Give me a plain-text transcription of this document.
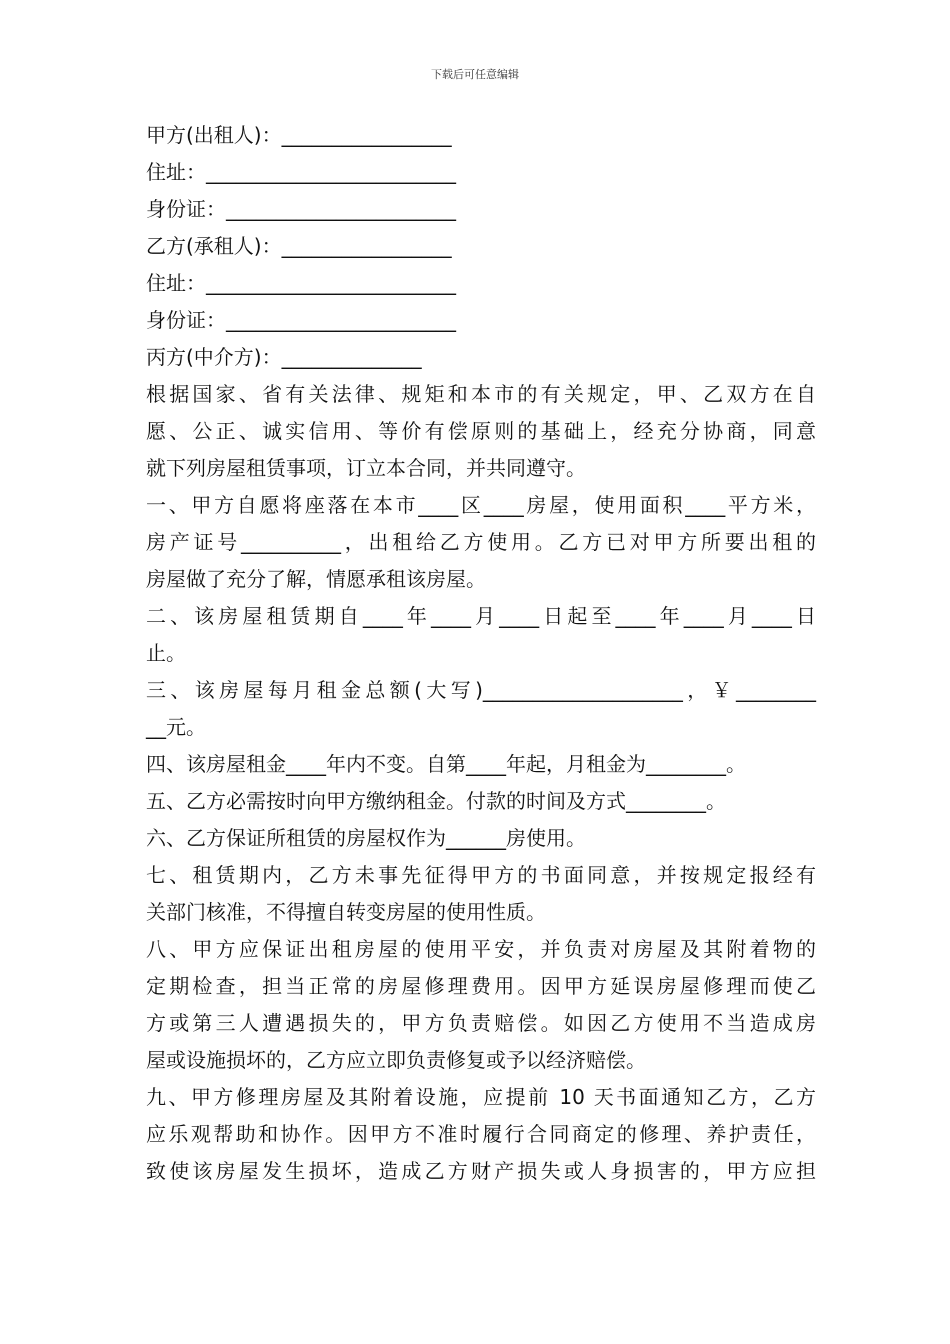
下载后可任意编辑
甲方(出租人)：_________________
住址：_________________________
身份证：_______________________
乙方(承租人)：_________________
住址：_________________________
身份证：_______________________
丙方(中介方)：______________
根据国家、省有关法律、规矩和本市的有关规定，甲、乙双方在自
愿、公正、诚实信用、等价有偿原则的基础上，经充分协商，同意
就下列房屋租赁事项，订立本合同，并共同遵守。
一、甲方自愿将座落在本市____区____房屋，使用面积____平方米，
房产证号__________，出租给乙方使用。乙方已对甲方所要出租的
房屋做了充分了解，情愿承租该房屋。
二、该房屋租赁期自____年____月____日起至____年____月____日
止。
三、该房屋每月租金总额(大写)____________________，￥________
__元。
四、该房屋租金____年内不变。自第____年起，月租金为________。
五、乙方必需按时向甲方缴纳租金。付款的时间及方式________。
六、乙方保证所租赁的房屋权作为______房使用。
七、租赁期内，乙方未事先征得甲方的书面同意，并按规定报经有
关部门核准，不得擅自转变房屋的使用性质。
八、甲方应保证出租房屋的使用平安，并负责对房屋及其附着物的
定期检查，担当正常的房屋修理费用。因甲方延误房屋修理而使乙
方或第三人遭遇损失的，甲方负责赔偿。如因乙方使用不当造成房
屋或设施损坏的，乙方应立即负责修复或予以经济赔偿。
九、甲方修理房屋及其附着设施，应提前 10 天书面通知乙方，乙方
应乐观帮助和协作。因甲方不准时履行合同商定的修理、养护责任，
致使该房屋发生损坏，造成乙方财产损失或人身损害的，甲方应担
